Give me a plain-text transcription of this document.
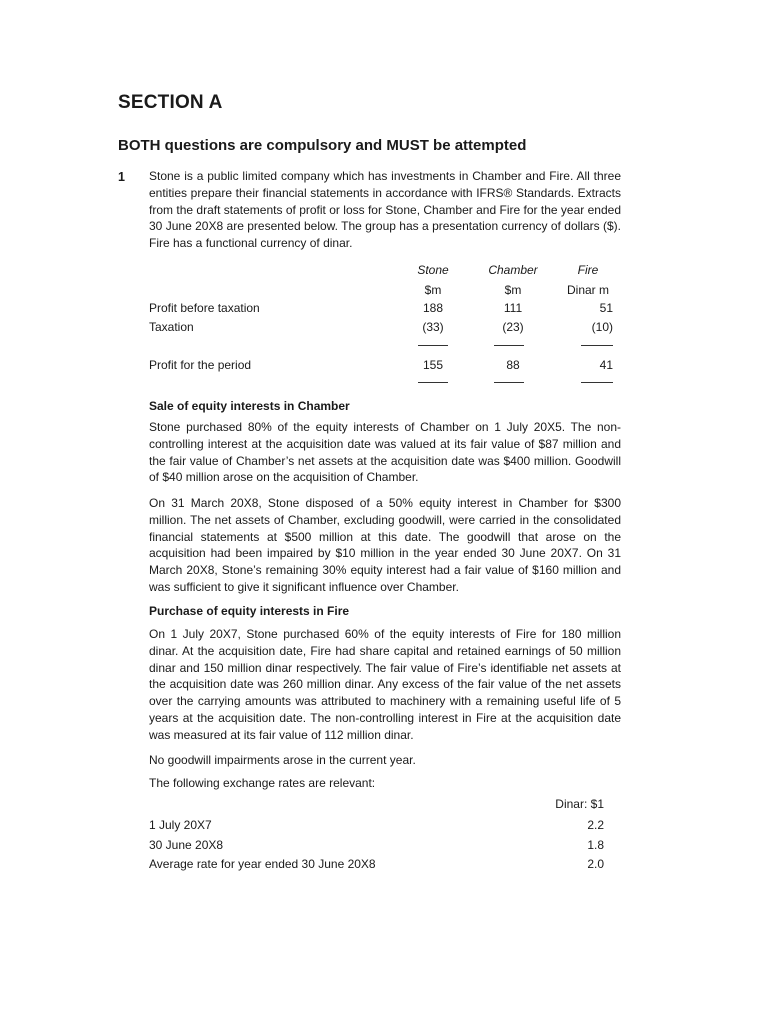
SECTION A
BOTH questions are compulsory and MUST be attempted
1 Stone is a public limited company which has investments in Chamber and Fire. All three entities prepare their financial statements in accordance with IFRS® Standards. Extracts from the draft statements of profit or loss for Stone, Chamber and Fire for the year ended 30 June 20X8 are presented below. The group has a presentation currency of dollars ($). Fire has a functional currency of dinar.
Stone	Chamber	Fire
$m	$m	Dinar m
Profit before taxation	188	111	51
Taxation	(33)	(23)	(10)
Profit for the period	155	88	41
Sale of equity interests in Chamber
Stone purchased 80% of the equity interests of Chamber on 1 July 20X5. The non-controlling interest at the acquisition date was valued at its fair value of $87 million and the fair value of Chamber’s net assets at the acquisition date was $400 million. Goodwill of $40 million arose on the acquisition of Chamber.
On 31 March 20X8, Stone disposed of a 50% equity interest in Chamber for $300 million. The net assets of Chamber, excluding goodwill, were carried in the consolidated financial statements at $500 million at this date. The goodwill that arose on the acquisition had been impaired by $10 million in the year ended 30 June 20X7. On 31 March 20X8, Stone’s remaining 30% equity interest had a fair value of $160 million and was sufficient to give it significant influence over Chamber.
Purchase of equity interests in Fire
On 1 July 20X7, Stone purchased 60% of the equity interests of Fire for 180 million dinar. At the acquisition date, Fire had share capital and retained earnings of 50 million dinar and 150 million dinar respectively. The fair value of Fire’s identifiable net assets at the acquisition date was 260 million dinar. Any excess of the fair value of the net assets over the carrying amounts was attributed to machinery with a remaining useful life of 5 years at the acquisition date. The non-controlling interest in Fire at the acquisition date was measured at its fair value of 112 million dinar.
No goodwill impairments arose in the current year.
The following exchange rates are relevant:
Dinar: $1
1 July 20X7	2.2
30 June 20X8	1.8
Average rate for year ended 30 June 20X8	2.0
